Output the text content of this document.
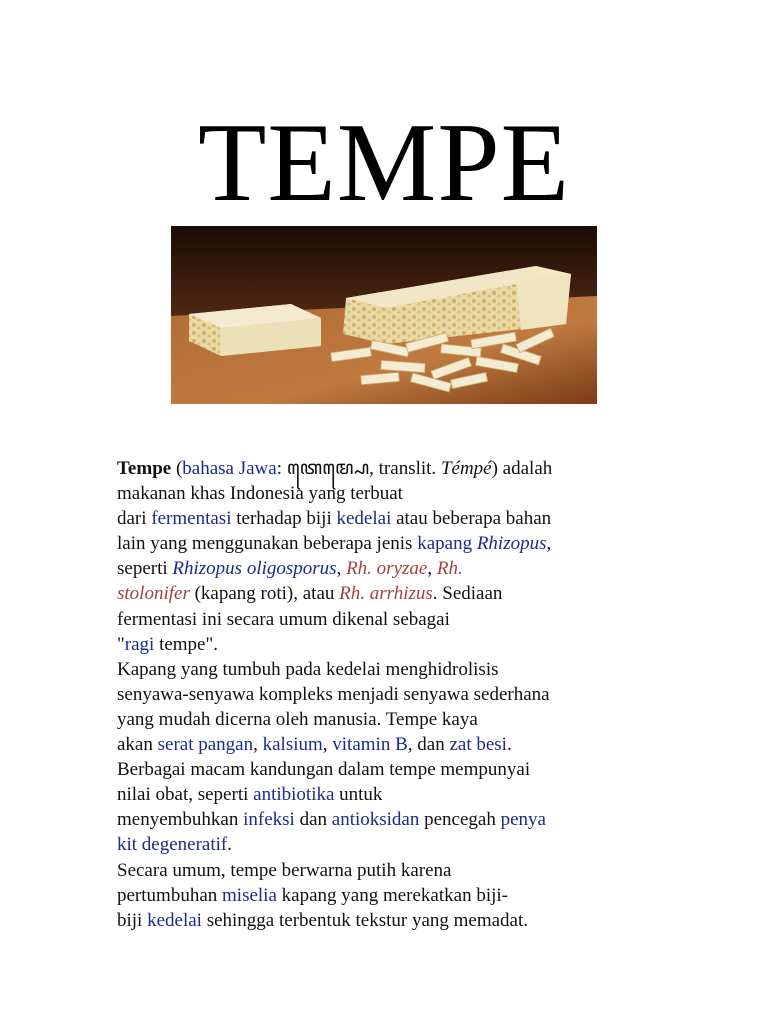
TEMPE

Tempe (bahasa Jawa: ꦠꦺꦩ꧀ꦥꦺ, translit. Témpé) adalah
makanan khas Indonesia yang terbuat
dari fermentasi terhadap biji kedelai atau beberapa bahan
lain yang menggunakan beberapa jenis kapang Rhizopus,
seperti Rhizopus oligosporus, Rh. oryzae, Rh.
stolonifer (kapang roti), atau Rh. arrhizus. Sediaan
fermentasi ini secara umum dikenal sebagai
"ragi tempe".

Kapang yang tumbuh pada kedelai menghidrolisis
senyawa-senyawa kompleks menjadi senyawa sederhana
yang mudah dicerna oleh manusia. Tempe kaya
akan serat pangan, kalsium, vitamin B, dan zat besi.
Berbagai macam kandungan dalam tempe mempunyai
nilai obat, seperti antibiotika untuk
menyembuhkan infeksi dan antioksidan pencegah penya
kit degeneratif.

Secara umum, tempe berwarna putih karena
pertumbuhan miselia kapang yang merekatkan biji-
biji kedelai sehingga terbentuk tekstur yang memadat.
